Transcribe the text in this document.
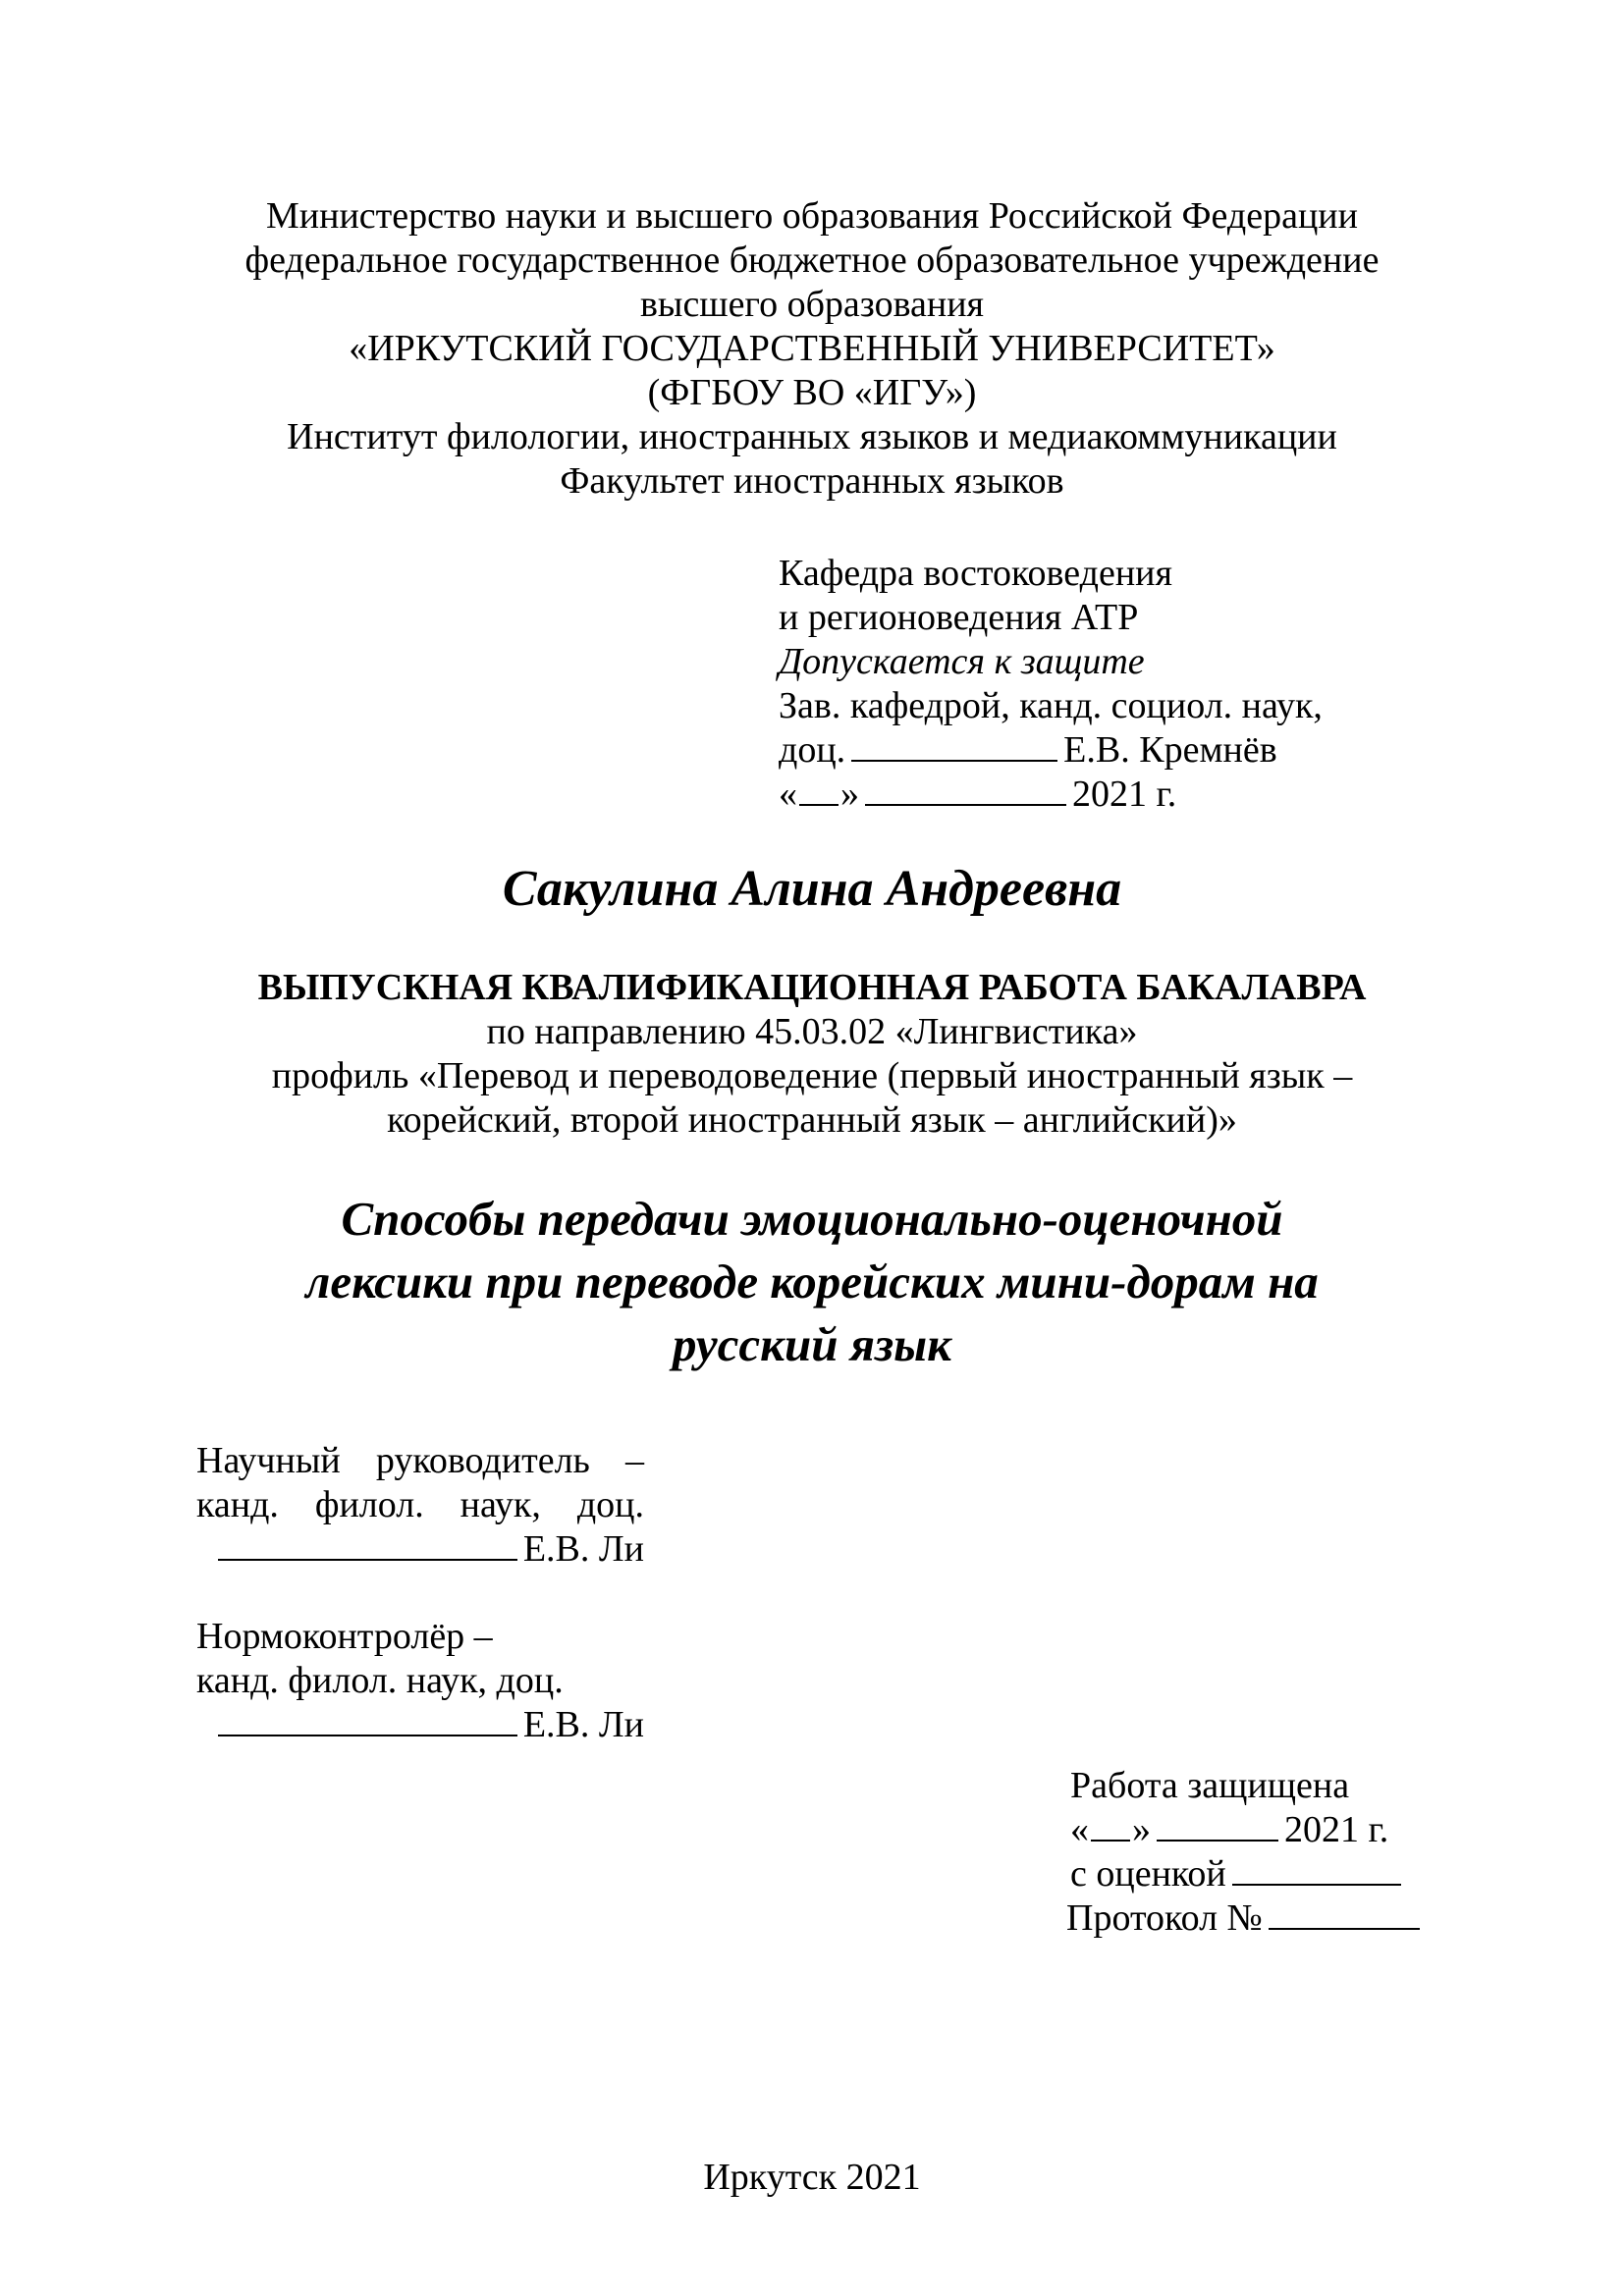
Министерство науки и высшего образования Российской Федерации
федеральное государственное бюджетное образовательное учреждение
высшего образования
«ИРКУТСКИЙ ГОСУДАРСТВЕННЫЙ УНИВЕРСИТЕТ»
(ФГБОУ ВО «ИГУ»)
Институт филологии, иностранных языков и медиакоммуникации
Факультет иностранных языков
Кафедра востоковедения
и регионоведения АТР
Допускается к защите
Зав. кафедрой, канд. социол. наук,
доц.	Е.В. Кремнёв
« »	2021 г.
Сакулина Алина Андреевна
ВЫПУСКНАЯ КВАЛИФИКАЦИОННАЯ РАБОТА БАКАЛАВРА
по направлению 45.03.02 «Лингвистика»
профиль «Перевод и переводоведение (первый иностранный язык –
корейский, второй иностранный язык – английский)»
Способы передачи эмоционально-оценочной
лексики при переводе корейских мини-дорам на
русский язык
Научный руководитель –
канд. филол. наук, доц.
Е.В. Ли
Нормоконтролёр –
канд. филол. наук, доц.
Е.В. Ли
Работа защищена
« »	2021 г.
с оценкой
Протокол №
Иркутск 2021
